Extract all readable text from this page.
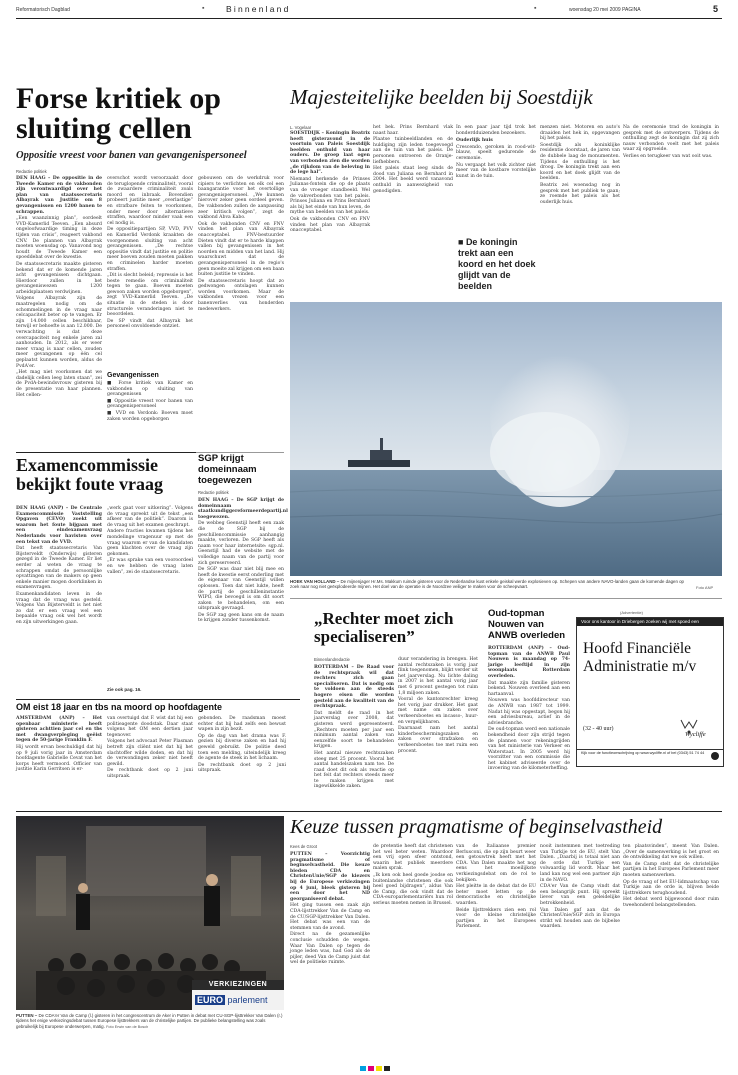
Reformatorisch Dagblad	▪	Binnenland	▪	woensdag 20 mei 2009 PAGINA	5
Forse kritiek op sluiting cellen
Oppositie vreest voor banen van gevangenispersoneel
Redactie politiek

DEN HAAG – De oppositie in de Tweede Kamer en de vakbonden zijn verontwaardigd over het plan van staatssecretaris Albayrak van Justitie om 8 gevangenissen en 1200 banen te schrappen.

„Een waanzinnig plan”, oordeelt VVD-Kamerlid Teeven. „Een absurd ongeloofwaardige timing in deze tijden van crisis”, reageert vakbond CNV. De plannen van Albayrak moeten woensdag op. Vanavond nog houdt de Tweede Kamer een spoeddebat over de kwestie.

De staatssecretaris maakte gisteren bekend dat er de komende jaren acht gevangenissen dichtgaan. Hierdoor zullen in het gevangeniswezen 1200 arbeidsplaatsen verdwijnen.

Volgens Albayrak zijn de maatregelen nodig om de schommelingen in de vraag naar celcapaciteit beter op te vangen. Er zijn 14.000 cellen beschikbaar, terwijl er behoefte is aan 12.000. De verwachting is dat deze overcapaciteit nog enkele jaren zal aanhouden. In 2012, als er weer meer vraag is naar cellen, zouden meer gevangenen op één cel geplaatst kunnen worden, aldus de PvdA'er.

„Het mag niet voorkomen dat we dadelijk cellen leeg laten staan”, zei de PvdA-bewindsvrouw gisteren bij de presentatie van haar plannen. Het cellen-

overschot wordt veroorzaakt door de teruglopende criminaliteit, vooral de zwaardere criminaliteit zoals moord en inbraak. Bovendien probeert justitie meer „overlastige” en strafbare feiten te voorkomen, onder meer door alternatieve straffen, waardoor minder vaak een cel nodig is.

De oppositiepartijen SP, VVD, PVV en Kamerlid Verdonk kraakten de voorgenomen sluiting van acht gevangenissen. „De rechtse oppositie vindt dat justitie en politie meer boeven zouden moeten pakken en criminelen harder moeten straffen.

„Dit is slecht beleid; repressie is het beste remedie om criminaliteit tegen te gaan. Boeven moeten gewoon zaken worden opgeborgen”, zegt VVD-Kamerlid Teeven. „De situatie in de steden is door structurele veranderingen niet te beoordelen.

De SP vindt dat Albayrak het personeel onvoldoende ontziet.

Gevangenissen

■ Forse kritiek van Kamer en vakbonden op sluiting van gevangenissen

■ Oppositie vreest voor banen van gevangenispersoneel

■ VVD en Verdonk: Boeven moet zaken worden opgeborgen

gebouwen om de werkdruk voor cipiers te verlichten en elk cel een baangarantie voor het overtollige gevangenispersoneel. „We kunnen hierover zeker geen oordeel geven. De vakbonden zullen de aanpassing zeer kritisch volgen”, zegt de vakbond Abva Kabo.

Ook de vakbonden CNV en FNV vinden het plan van Albayrak onacceptabel. FNV-bestuurder Dieten vindt dat er te harde klappen vallen bij gevangenissen in het noorden en midden van het land. Hij waarschuwt dat de gevangenispersoneel in de regio's geen moeite zal krijgen om een baan buiten justitie te vinden.

De staatssecretaris hoopt dat zo gedwongen ontslagen kunnen worden voorkomen. Maar de vakbonden vrezen voor een banenverlies van honderden medewerkers.

Majesteitelijke beelden bij Soestdijk
L. Vogelaar

SOESTDIJK – Koningin Beatrix heeft gisteravond in de voortuin van Paleis Soestdijk beelden onthuld van haar ouders. De groep laat ogen van verbonden zien die worden „de rijkdom van de beleving in de lege hal”.

Niemand herkende de Prinses Julianas-fontein die op de plaats van de vroeger standbeeld. Wel de vakverbonden van het paleis. Prinses Juliana en Prins Bernhard als bij het einde van hun leven, de mythe van beelden van het paleis.

Ook de vakbonden CNV en FNV vinden het plan van Albayrak onacceptabel.

het bek. Prins Bernhard vlak naast haar.

Plaatse tuinbeeldlanden en de huldiging zijn leden toegevoegd aan de tuin van het paleis. De personen ontroeren de Oranje-liefhebbers.

Het paleis staat leeg sinds de dood van Juliana en Bernhard in 2004. Het beeld werd vanavond onthuld in aanwezigheid van genodigden.

In een paar jaar tijd trok het honderdduizenden bezoekers.

Ouderlijk huis

Crescendo, geroken in rood-wit-blauw, speelt gedurende de ceremonie.

Nu vergaapt het volk zichter niet meer van de kostbare vorstelijke kunst in de tuin.

■ De koningin trekt aan een koord en het doek glijdt van de beelden

menzen niet. Motoren en auto's draaiden het hek in, opgevangen bij het paleis.

Soestdijk als koninklijke residentie doorstaat, de jaren van de dubbele laag de monumenten. Tijdens de onthulling is het droog. De koningin trekt aan een koord en het doek glijdt van de beelden.

Beatrix zei woensdag nog in gesprek met het publiek te gaan; ze roemde het paleis als het ouderlijk huis.

Na de ceremonie trad de koningin in gesprek met de ontwerpers. Tijdens de onthulling zegt de koningin dat zij zich nauw verbonden voelt met het paleis waar zij opgroeide.

Verlies en terugkeer van wat ooit was.

Examencommissie bekijkt foute vraag

DEN HAAG (ANP) – De Centrale Examencommissie Vaststelling Opgaven (CEVO) zoekt uit waarom het foute bijgaan met een eindexamenvraag Nederlands voor havisten over een tekst van de VVD.

Dat heeft staatssecretaris Van Bijsterveldt (Onderwijs) gisteren gezegd in de Tweede Kamer. Er liet eerder al weten de vraag te schrappen omdat de persoonlijke opvattingen van de makers op geen enkele manier mogen doorklinken in examenvragen.

Examenkandidaten leven in de vraag dat de vraag was gesteld. Volgens Van Bijsterveldt is het niet zo dat er een vraag wel een bepaalde vraag ook wel het wordt en zijn uitwerkingen gaan.

„werk gaat voor uitkering”. Volgens de vraag spreekt uit de tekst „een afkeer van de politiek”. Daarom is de vraag uit het examen geschrapt.

Andere fracties kwamen tijdens het mondelinge vragenuur op met de vraag waarom er van de kandidaten geen klachten over de vraag zijn gekomen.

„Er was sprake van een vooroordeel en we hebben de vraag laten vallen”, zei de staatssecretaris.

Zie ook pag. 16.
SGP krijgt domeinnaam toegewezen
Redactie politiek

DEN HAAG – De SGP krijgt de domeinnaam staatkundiggereformeerdepartij.nl toegewezen.

De webbeg Geenstijl heeft een zaak die de SGP bij de geschillencommissie aanhangig maakte, verloren. De SGP heeft als naam voor haar internetsite: sgp.nl. Geenstijl had de website met de volledige naam van de partij voor zich gereserveerd.

De SGP was daar niet blij mee en heeft de kwestie eerst onderling met de eigenaar van Geenstijl willen oplossen. Toen dat niet lukte, heeft de partij de geschilleninstantie WIPO, die bevoegd is om dit soort zaken te behandelen, om een uitspraak gevraagd.

De SGP zag geen kans om de naam te krijgen zonder tussenkomst.

HOEK VAN HOLLAND – De mijnenjager Hr.Ms. Makkum ruimde gisteren voor de Nederlandse kust enkele geiskal werde explosieven op. Schepen van andere NAVO-landen gaan de komende dagen op zoek naar nog niet geëxplodeerde mijnen. Het doel van de operatie is de Noordzee veiliger te maken voor de scheepvaart.	Foto ANP
„Rechter moet zich specialiseren”
Binnenlandredactie

ROTTERDAM – De Raad voor de rechtspraak wil dat rechters zich gaan specialiseren. Dat is nodig om te voldoen aan de steeds hogere eisen die worden gesteld aan de kwaliteit van de rechtspraak.

Dat meldt de raad in het jaarverslag over 2008, dat gisteren werd gepresenteerd. „Rechters moeten per jaar een minimum aantal zaken van eenzelfde soort te behandelen krijgen.

Het aantal nieuwe rechtszaken steeg met 25 procent. Vooral het aantal handelszaken nam toe. De raad doet dit ook als reactie op het feit dat rechters steeds meer te maken krijgen met ingewikkelde zaken.

duur verandering in brengen. Het aantal rechtszaken is vorig jaar flink toegenomen, blijkt verder uit het jaarverslag. Nu lichte daling in 2007 is het aantal vorig jaar met 6 procent gestegen tot ruim 1,8 miljoen zaken.

Vooral de kantonrechter kreeg het vorig jaar drukker. Het gaat met name om zaken over verkeersboetes en incasso-, huur- en vergelijkbaren.

Daarnaast nam het aantal kinderbeschermingszaken en zaken over strafzaken en verkeersboetes toe met ruim een procent.

Oud-topman Nouwen van ANWB overleden

ROTTERDAM (ANP) – Oud-topman van de ANWB Paul Nouwen is maandag op 74-jarige leeftijd in zijn woonplaats Rotterdam overleden.

Dat maakte zijn familie gisteren bekend. Nouwen overleed aan een hartaanval.

Nouwen was hoofddirecteur van de ANWB van 1987 tot 1999. Nadat hij was opgestapt, begon hij een adviesbureau, actief in de adviesbranche.

De oud-topman werd een nationale bekendheid door zijn strijd tegen de plannen voor rekeningrijden van het ministerie van Verkeer en Waterstaat. In 2005 werd hij voorzitter van een commissie die het kabinet adviseerde over de invoering van de kilometerheffing.

(Advertentie)
Voor ons kantoor in Driebergen zoeken wij met spoed een
Hoofd Financiële Administratie m/v
(32 - 40 uur)
Wycliffe
Kijk voor de functieomschrijving op www.wycliffe.nl of bel (0343) 51 74 44
OM eist 18 jaar en tbs na moord op hoofdagente

AMSTERDAM (ANP) – Het openbaar ministerie heeft gisteren achttien jaar cel en tbs met dwangverpleging geëist tegen de 50-jarige Franklin F.

Hij wordt ervan beschuldigd dat hij op 9 juli vorig jaar in Amsterdam hoofdagente Gabrielle Cevat van het korps heeft vermoord. Officier van justitie Karin Gerritsen is er-

van overtuigd dat F. wist dat hij een politieagente doodstak. Daar staat volgens het OM een dertien jaar tegenover.

Volgens het advocaat Peter Plasman betreft zijn cliënt niet dat hij het slachtoffer wilde doden, en dat hij de verwondingen zeker niet heeft gewild.

De rechtbank doet op 2 juni uitspraak.

gebonden. De raadsman moest echter dat hij had zelfs een bewust wapen in zijn bezit.

Op de dag van het drama was F. gezien bij diverse zaken en had hij geweld gebruikt. De politie deed toen een melding, uiteindelijk kreeg de agente de steek in het lichaam.

De rechtbank doet op 2 juni uitspraak.

VERKIEZINGEN
EURO parlement
PUTTEN – De CDA'er Van de Camp (l.) gisteren in het congrescentrum de Aker in Putten in debat met CU-SGP-lijsttrekker Van Dalen (r.) tijdens het enige verkiezingsdebat tussen Europese lijsttrekkers van de christelijke partijen. De publieke belangstelling was zoals gebruikelijk bij Europese onderwerpen, matig. Foto Erwin van de Bosch
Keuze tussen pragmatisme of beginselvastheid
Kees de Groot

PUTTEN – Voorzichtig pragmatisme of beginselvastheid. Die keuze bieden CDA en ChristenUnie/SGP de kiezers bij de Europese verkiezingen op 4 juni, bleek gisteren bij een door het ND georganiseerd debat.

Het ging tussen een zaak zijn CDA-lijsttrekker Van de Camp en de CU/SGP-lijsttrekker Van Dalen. Het debat was een van de stemmen van de avond.

Direct na de gezamenlijke conclusie schudden de wegen. Waar Van Dalen op tegen de jonge leden was, had God als de pijler, deed Van de Camp juist dat wel de politieke ruimte.

de pretentie heeft dat christenen het wel beter weten. Waardoor een vrij open sfeer ontstond, waarin het publiek meerdere malen sprak.

„Ik ken ook heel goede joodse en buitenlandse christenen die ook heel goed bijdragen”, aldus Van de Camp, die ook vindt dat de CDA-europarlementariërs hun rol serieus moeten nemen in Brussel.

van de Italiaanse premier Berlusconi, die op zijn beurt weer een getouwtrek heeft met het CDA. Van Dalen maakte het nog eens het moeilijkste verkiezingsdebat om de rol te bekijken.

Het pleitte in de debat dat de EU beter moet letten op de democratische en christelijke waarden.

Beide lijsttrekkers zien een rol voor de kleine christelijke partijen in het Europees Parlement.

nooit instemmen met toetreding van Turkije tot de EU, stelt Van Dalen. „Daarbij is totaal niet aan de orde dat Turkije een volwaardig lid wordt. Maar het land kan nog wel een partner zijn in de NAVO.

CDA'er Van de Camp vindt dat een belangrijk punt. Hij spreekt liever van een geleidelijke betrokkenheid.

Van Dalen gaf aan dat de ChristenUnie/SGP zich in Europa strikt wil houden aan de bijbelse waarden.

ten plaatsvinden”, meent Van Dalen. „Over de samenwerking is het groot en de ontwikkeling dat we ook willen.

Van de Camp stelt dat de christelijke partijen in het Europees Parlement meer moeten samenwerken.

Op de vraag of het EU-lidmaatschap van Turkije aan de orde is, blijven beide lijsttrekkers terughoudend.

Het debat werd bijgewoond door ruim tweehonderd belangstellenden.
